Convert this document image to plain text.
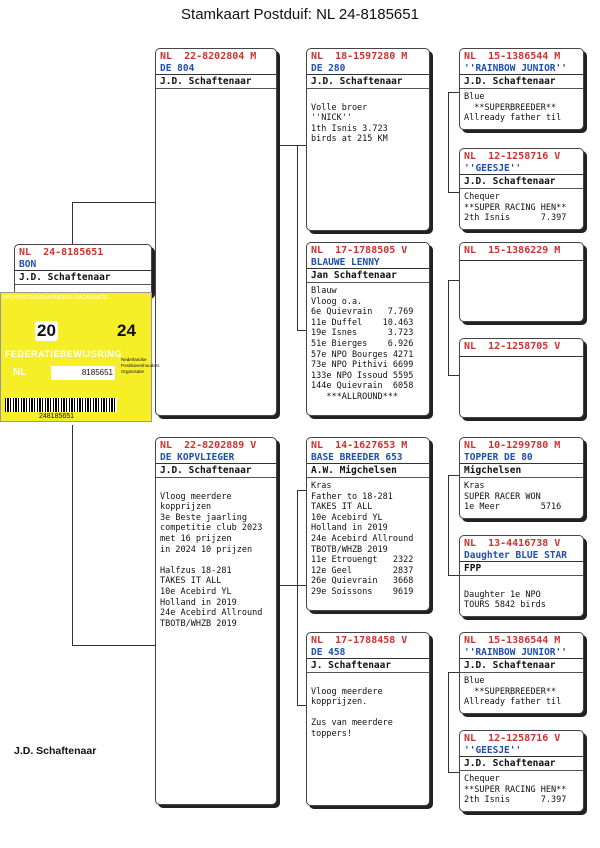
Stamkaart Postduif: NL 24-8185651
NL  24-8185651
BON
J.D. Schaftenaar
NL  22-8202804 M
DE 804
J.D. Schaftenaar
NL  22-8202889 V
DE KOPVLIEGER
J.D. Schaftenaar
Vloog meerdere
kopprijzen
3e Beste jaarling
competitie club 2023
met 16 prijzen
in 2024 10 prijzen
Halfzus 18-281
TAKES IT ALL
10e Acebird YL
Holland in 2019
24e Acebird Allround
TBOTB/WHZB 2019
NL  18-1597280 M
DE 280
J.D. Schaftenaar
Volle broer
''NICK''
1th Isnis 3.723
birds at 215 KM
NL  17-1788505 V
BLAUWE LENNY
Jan Schaftenaar
Blauw
Vloog o.a.
6e Quievrain   7.769
11e Duffel    10.463
19e Isnes      3.723
51e Bierges    6.926
57e NPO Bourges 4271
73e NPO Pithivi 6699
133e NPO Issoud 5595
144e Quievrain  6058
***ALLROUND***
NL  14-1627653 M
BASE BREEDER 653
A.W. Migchelsen
Kras
Father to 18-281
TAKES IT ALL
10e Acebird YL
Holland in 2019
24e Acebird Allround
TBOTB/WHZB 2019
11e Etrouengt   2322
12e Geel        2837
26e Quievrain   3668
29e Soissons    9619
NL  17-1788458 V
DE 458
J. Schaftenaar
Vloog meerdere
kopprijzen.
Zus van meerdere
toppers!
NL  15-1386544 M
''RAINBOW JUNIOR''
J.D. Schaftenaar
Blue
**SUPERBREEDER**
Allready father til
NL  12-1258716 V
''GEESJE''
J.D. Schaftenaar
Chequer
**SUPER RACING HEN**
2th Isnis      7.397
NL  15-1386229 M
NL  12-1258705 V
NL  10-1299780 M
TOPPER DE 80
Migchelsen
Kras
SUPER RACER WON
1e Meer        5716
NL  13-4416738 V
Daughter BLUE STAR
FPP
Daughter 1e NPO
TOURS 5842 birds
NL  15-1386544 M
''RAINBOW JUNIOR''
J.D. Schaftenaar
Blue
**SUPERBREEDER**
Allready father til
NL  12-1258716 V
''GEESJE''
J.D. Schaftenaar
Chequer
**SUPER RACING HEN**
2th Isnis      7.397
NPO POSTDUIVENHOUDERS ORGANISATIE
20	24
FEDERATIEBEWIJSRING
NL	8185651
Nederlandse
Postduivenhouders
Organisatie
248185651
J.D. Schaftenaar
